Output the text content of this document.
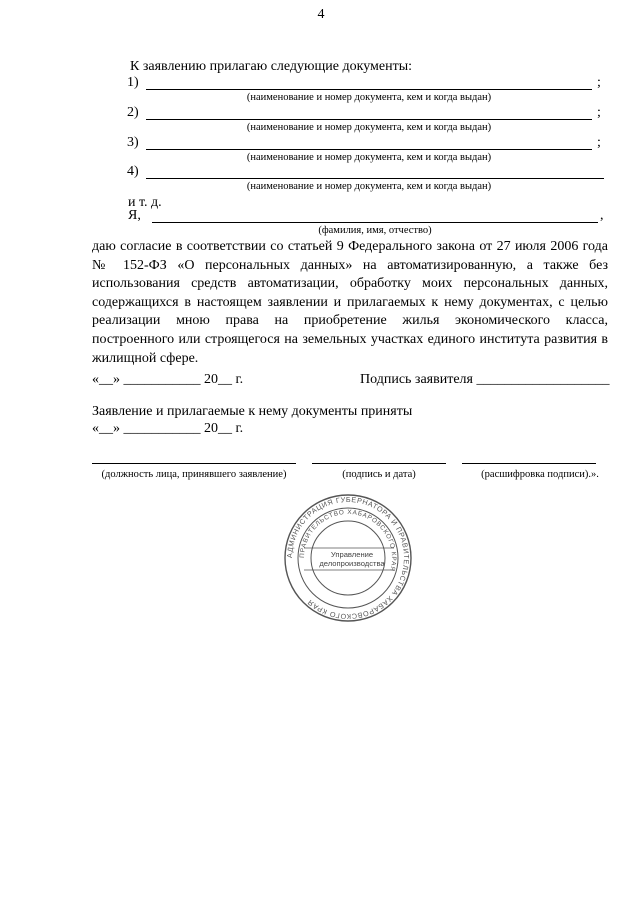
4
К заявлению прилагаю следующие документы:
1)	;
(наименование и номер документа, кем и когда выдан)
2)	;
(наименование и номер документа, кем и когда выдан)
3)	;
(наименование и номер документа, кем и когда выдан)
4)
(наименование и номер документа, кем и когда выдан)
и т. д.
Я,	,
(фамилия, имя, отчество)
даю согласие в соответствии со статьей 9 Федерального закона от 27 июля 2006 года № 152-ФЗ «О персональных данных» на автоматизированную, а также без использования средств автоматизации, обработку моих персональных данных, содержащихся в настоящем заявлении и прилагаемых к нему документах, с целью реализации мною права на приобретение жилья экономического класса, построенного или строящегося на земельных участках единого института развития в жилищной сфере.
«__» ___________ 20__ г.	Подпись заявителя ___________________
Заявление и прилагаемые к нему документы приняты
«__» ___________ 20__ г.
(должность лица, принявшего заявление)	(подпись и дата)	(расшифровка подписи).».
АДМИНИСТРАЦИЯ ГУБЕРНАТОРА И ПРАВИТЕЛЬСТВА ХАБАРОВСКОГО КРАЯ
ПРАВИТЕЛЬСТВО ХАБАРОВСКОГО КРАЯ
Управление
делопроизводства
